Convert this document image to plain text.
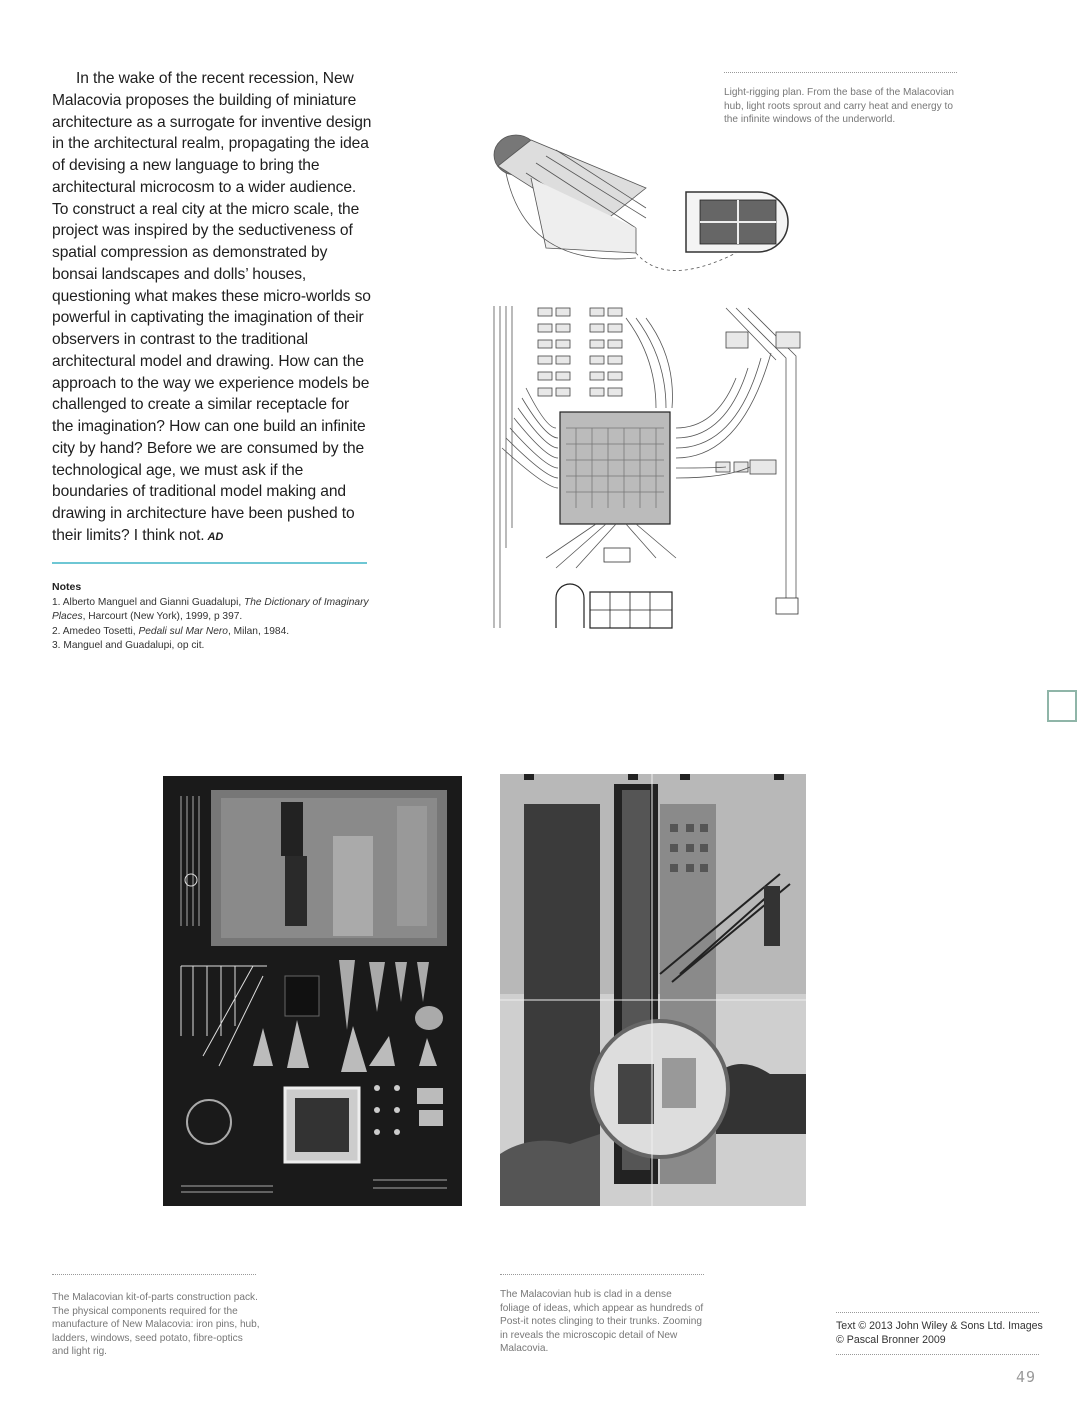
In the wake of the recent recession, New Malacovia proposes the building of miniature architecture as a surrogate for inventive design in the architectural realm, propagating the idea of devising a new language to bring the architectural microcosm to a wider audience. To construct a real city at the micro scale, the project was inspired by the seductiveness of spatial compression as demonstrated by bonsai landscapes and dolls’ houses, questioning what makes these micro-worlds so powerful in captivating the imagination of their observers in contrast to the traditional architectural model and drawing. How can the approach to the way we experience models be challenged to create a similar receptacle for the imagination? How can one build an infinite city by hand? Before we are consumed by the technological age, we must ask if the boundaries of traditional model making and drawing in architecture have been pushed to their limits? I think not. AD

Notes
1. Alberto Manguel and Gianni Guadalupi, The Dictionary of Imaginary Places, Harcourt (New York), 1999, p 397.
2. Amedeo Tosetti, Pedali sul Mar Nero, Milan, 1984.
3. Manguel and Guadalupi, op cit.
Light-rigging plan. From the base of the Malacovian hub, light roots sprout and carry heat and energy to the infinite windows of the underworld.
The Malacovian kit-of-parts construction pack. The physical components required for the manufacture of New Malacovia: iron pins, hub, ladders, windows, seed potato, fibre-optics and light rig.
The Malacovian hub is clad in a dense foliage of ideas, which appear as hundreds of Post-it notes clinging to their trunks. Zooming in reveals the microscopic detail of New Malacovia.
Text © 2013 John Wiley & Sons Ltd. Images © Pascal Bronner 2009
49
